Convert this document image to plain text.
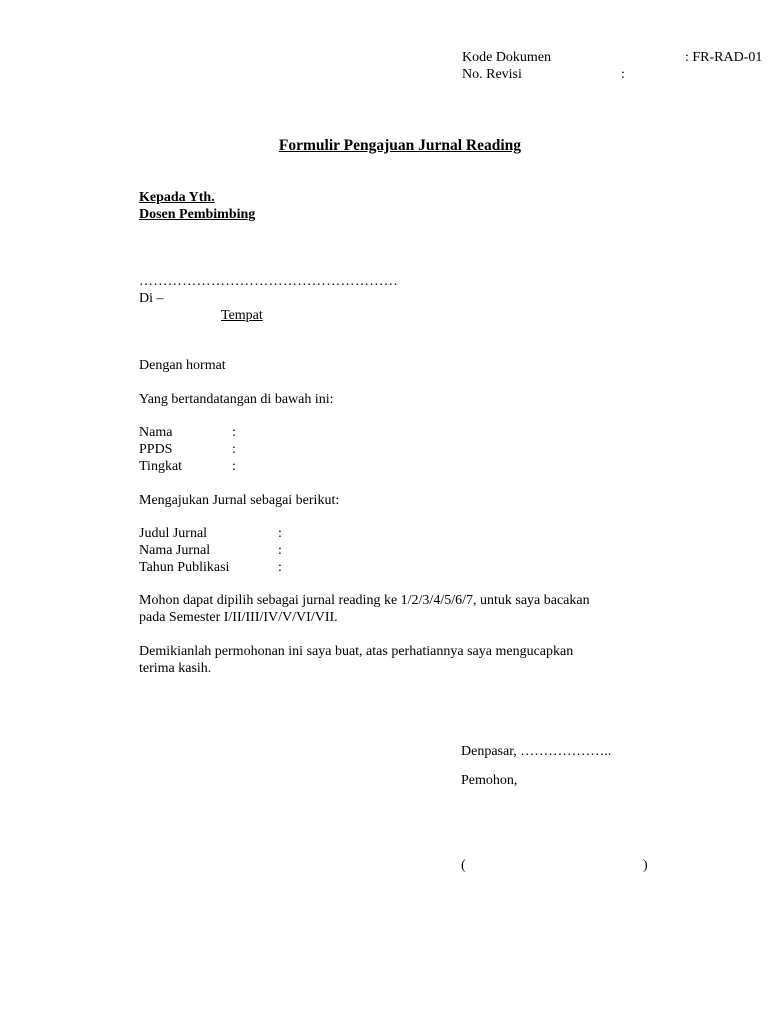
Kode Dokumen	: FR-RAD-01
No. Revisi	:
Formulir Pengajuan Jurnal Reading
Kepada Yth.
Dosen Pembimbing
………………………………………………
Di –
Tempat
Dengan hormat
Yang bertandatangan di bawah ini:
Nama	:
PPDS	:
Tingkat	:
Mengajukan Jurnal sebagai berikut:
Judul Jurnal	:
Nama Jurnal	:
Tahun Publikasi	:
Mohon dapat dipilih sebagai jurnal reading ke 1/2/3/4/5/6/7, untuk saya bacakan
pada Semester I/II/III/IV/V/VI/VII.
Demikianlah permohonan ini saya buat, atas perhatiannya saya mengucapkan
terima kasih.
Denpasar, ………………..
Pemohon,
(	)
